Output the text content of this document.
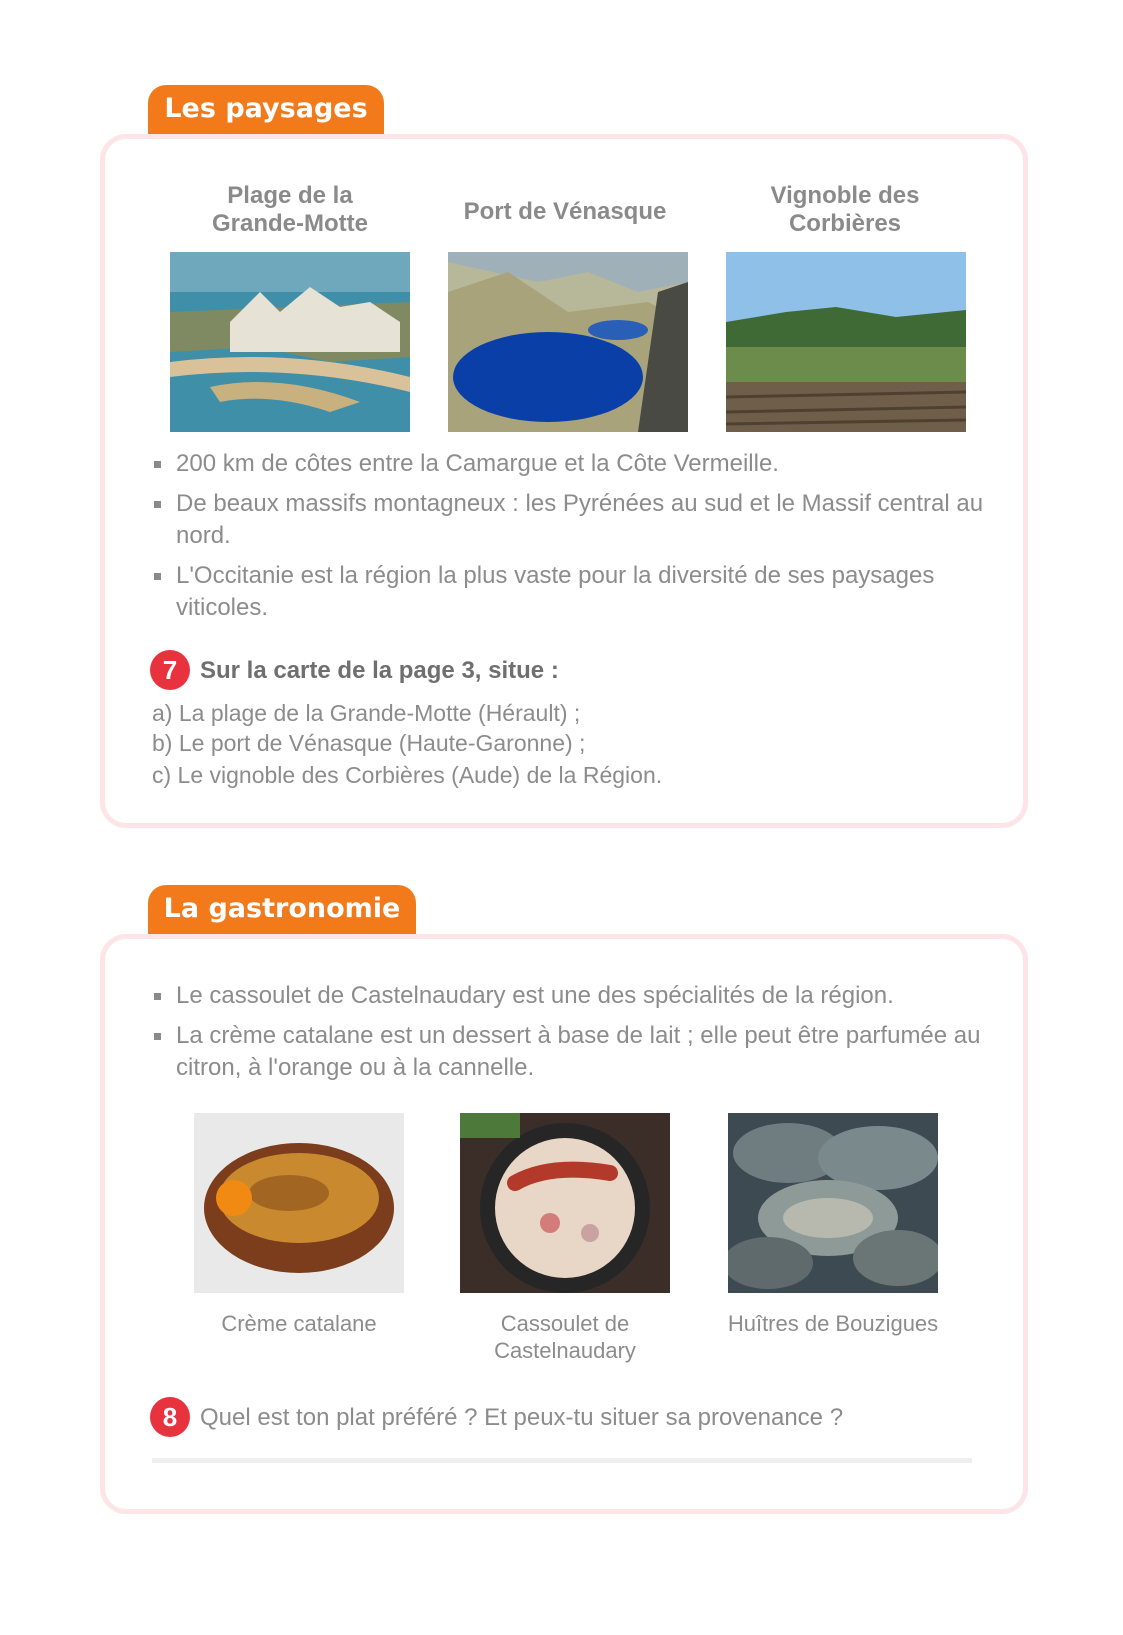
Les paysages
Plage de la Grande-Motte	Port de Vénasque
Vignoble des Corbières
200 km de côtes entre la Camargue et la Côte Vermeille.
De beaux massifs montagneux : les Pyrénées au sud et le Massif central au nord.
L'Occitanie est la région la plus vaste pour la diversité de ses paysages viticoles.
7 Sur la carte de la page 3, situe :
a) La plage de la Grande-Motte (Hérault) ;
b) Le port de Vénasque (Haute-Garonne) ;
c) Le vignoble des Corbières (Aude) de la Région.
La gastronomie
Le cassoulet de Castelnaudary est une des spécialités de la région.
La crème catalane est un dessert à base de lait ; elle peut être parfumée au citron, à l'orange ou à la cannelle.
Crème catalane	Cassoulet de Castelnaudary
Huîtres de Bouzigues
8 Quel est ton plat préféré ? Et peux-tu situer sa provenance ?
